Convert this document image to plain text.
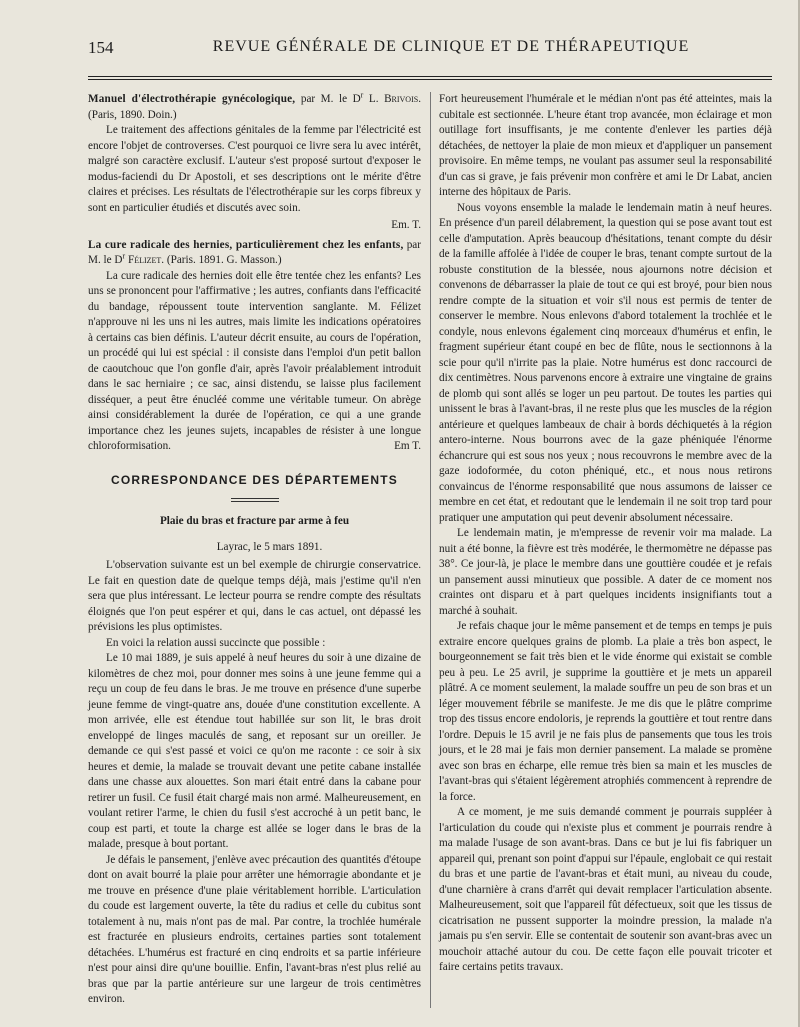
154	REVUE GÉNÉRALE DE CLINIQUE ET DE THÉRAPEUTIQUE

Manuel d'électrothérapie gynécologique, par M. le $D^r$ L. Brivois. (Paris, 1890. Doin.)

Le traitement des affections génitales de la femme par l'électricité est encore l'objet de controverses. C'est pourquoi ce livre sera lu avec intérêt, malgré son caractère exclusif. L'auteur s'est proposé surtout d'exposer le modus-faciendi du Dr Apostoli, et ses descriptions ont le mérite d'être claires et précises. Les résultats de l'électrothérapie sur les corps fibreux y sont en particulier étudiés et discutés avec soin.

Em. T.

La cure radicale des hernies, particulièrement chez les enfants, par M. le $D^r$ Félizet. (Paris. 1891. G. Masson.)

La cure radicale des hernies doit elle être tentée chez les enfants? Les uns se prononcent pour l'affirmative ; les autres, confiants dans l'efficacité du bandage, répoussent toute intervention sanglante. M. Félizet n'approuve ni les uns ni les autres, mais limite les indications opératoires à certains cas bien définis. L'auteur décrit ensuite, au cours de l'opération, un procédé qui lui est spécial : il consiste dans l'emploi d'un petit ballon de caoutchouc que l'on gonfle d'air, après l'avoir préalablement introduit dans le sac herniaire ; ce sac, ainsi distendu, se laisse plus facilement disséquer, a peut être énucléé comme une véritable tumeur. On abrège ainsi considérablement la durée de l'opération, ce qui a une grande importance chez les jeunes sujets, incapables de résister à une longue chloroformisation.	Em T.

CORRESPONDANCE DES DÉPARTEMENTS
Plaie du bras et fracture par arme à feu

Layrac, le 5 mars 1891.

L'observation suivante est un bel exemple de chirurgie conservatrice. Le fait en question date de quelque temps déjà, mais j'estime qu'il n'en sera que plus intéressant. Le lecteur pourra se rendre compte des résultats éloignés que l'on peut espérer et qui, dans le cas actuel, ont dépassé les prévisions les plus optimistes.

En voici la relation aussi succincte que possible :

Le 10 mai 1889, je suis appelé à neuf heures du soir à une dizaine de kilomètres de chez moi, pour donner mes soins à une jeune femme qui a reçu un coup de feu dans le bras. Je me trouve en présence d'une superbe jeune femme de vingt-quatre ans, douée d'une constitution excellente. A mon arrivée, elle est étendue tout habillée sur son lit, le bras droit enveloppé de linges maculés de sang, et reposant sur un oreiller. Je demande ce qui s'est passé et voici ce qu'on me raconte : ce soir à six heures et demie, la malade se trouvait devant une petite cabane installée dans une chasse aux alouettes. Son mari était entré dans la cabane pour retirer un fusil. Ce fusil était chargé mais non armé. Malheureusement, en voulant retirer l'arme, le chien du fusil s'est accroché à un petit banc, le coup est parti, et toute la charge est allée se loger dans le bras de la malade, presque à bout portant.

Je défais le pansement, j'enlève avec précaution des quantités d'étoupe dont on avait bourré la plaie pour arrêter une hémorragie abondante et je me trouve en présence d'une plaie véritablement horrible. L'articulation du coude est largement ouverte, la tête du radius et celle du cubitus sont totalement à nu, mais n'ont pas de mal. Par contre, la trochlée humérale est fracturée en plusieurs endroits, certaines parties sont totalement détachées. L'humérus est fracturé en cinq endroits et sa partie inférieure n'est pour ainsi dire qu'une bouillie. Enfin, l'avant-bras n'est plus relié au bras que par la partie antérieure sur une largeur de trois centimètres environ.

Fort heureusement l'humérale et le médian n'ont pas été atteintes, mais la cubitale est sectionnée. L'heure étant trop avancée, mon éclairage et mon outillage fort insuffisants, je me contente d'enlever les parties déjà détachées, de nettoyer la plaie de mon mieux et d'appliquer un pansement provisoire. En même temps, ne voulant pas assumer seul la responsabilité d'un cas si grave, je fais prévenir mon confrère et ami le Dr Labat, ancien interne des hôpitaux de Paris.

Nous voyons ensemble la malade le lendemain matin à neuf heures. En présence d'un pareil délabrement, la question qui se pose avant tout est celle d'amputation. Après beaucoup d'hésitations, tenant compte du désir de la famille affolée à l'idée de couper le bras, tenant compte surtout de la robuste constitution de la blessée, nous ajournons notre décision et convenons de débarrasser la plaie de tout ce qui est broyé, pour bien nous rendre compte de la situation et voir s'il nous est permis de tenter de conserver le membre. Nous enlevons d'abord totalement la trochlée et le condyle, nous enlevons également cinq morceaux d'humérus et enfin, le fragment supérieur étant coupé en bec de flûte, nous le sectionnons à la scie pour qu'il n'irrite pas la plaie. Notre humérus est donc raccourci de dix centimètres. Nous parvenons encore à extraire une vingtaine de grains de plomb qui sont allés se loger un peu partout. De toutes les parties qui unissent le bras à l'avant-bras, il ne reste plus que les muscles de la région antérieure et quelques lambeaux de chair à bords déchiquetés à la région antero-interne. Nous bourrons avec de la gaze phéniquée l'énorme échancrure qui est sous nos yeux ; nous recouvrons le membre avec de la gaze iodoformée, du coton phéniqué, etc., et nous nous retirons convaincus de l'énorme responsabilité que nous assumons de laisser ce membre en cet état, et redoutant que le lendemain il ne soit trop tard pour pratiquer une amputation qui peut devenir absolument nécessaire.

Le lendemain matin, je m'empresse de revenir voir ma malade. La nuit a été bonne, la fièvre est très modérée, le thermomètre ne dépasse pas 38°. Ce jour-là, je place le membre dans une gouttière coudée et je refais un pansement aussi minutieux que possible. A dater de ce moment nos craintes ont disparu et à part quelques incidents insignifiants tout a marché à souhait.

Je refais chaque jour le même pansement et de temps en temps je puis extraire encore quelques grains de plomb. La plaie a très bon aspect, le bourgeonnement se fait très bien et le vide énorme qui existait se comble peu à peu. Le 25 avril, je supprime la gouttière et je mets un appareil plâtré. A ce moment seulement, la malade souffre un peu de son bras et un léger mouvement fébrile se manifeste. Je me dis que le plâtre comprime trop des tissus encore endoloris, je reprends la gouttière et tout rentre dans l'ordre. Depuis le 15 avril je ne fais plus de pansements que tous les trois jours, et le 28 mai je fais mon dernier pansement. La malade se promène avec son bras en écharpe, elle remue très bien sa main et les muscles de l'avant-bras qui s'étaient légèrement atrophiés commencent à reprendre de la force.

A ce moment, je me suis demandé comment je pourrais suppléer à l'articulation du coude qui n'existe plus et comment je pourrais rendre à ma malade l'usage de son avant-bras. Dans ce but je lui fis fabriquer un appareil qui, prenant son point d'appui sur l'épaule, englobait ce qui restait du bras et une partie de l'avant-bras et était muni, au niveau du coude, d'une charnière à crans d'arrêt qui devait remplacer l'articulation absente. Malheureusement, soit que l'appareil fût défectueux, soit que les tissus de cicatrisation ne pussent supporter la moindre pression, la malade n'a jamais pu s'en servir. Elle se contentait de soutenir son avant-bras avec un mouchoir attaché autour du cou. De cette façon elle pouvait tricoter et faire certains petits travaux.
